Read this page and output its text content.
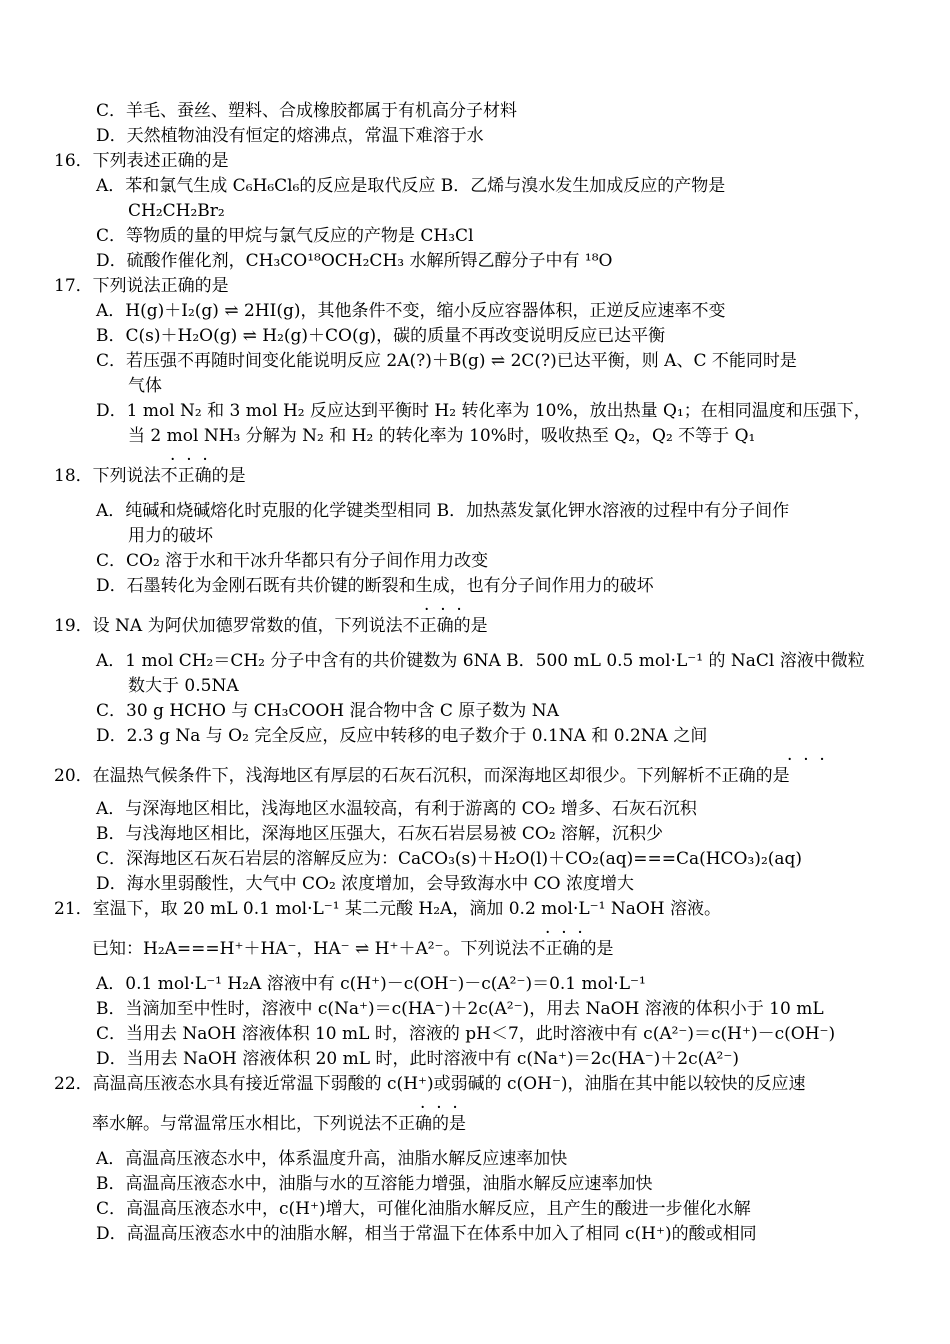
C．羊毛、蚕丝、塑料、合成橡胶都属于有机高分子材料
D．天然植物油没有恒定的熔沸点，常温下难溶于水
16．下列表述正确的是
A．苯和氯气生成 C₆H₆Cl₆的反应是取代反应 B．乙烯与溴水发生加成反应的产物是
CH₂CH₂Br₂
C．等物质的量的甲烷与氯气反应的产物是 CH₃Cl
D．硫酸作催化剂，CH₃CO¹⁸OCH₂CH₃ 水解所锝乙醇分子中有 ¹⁸O
17．下列说法正确的是
A．H(g)＋I₂(g) ⇌ 2HI(g)，其他条件不变，缩小反应容器体积，正逆反应速率不变
B．C(s)＋H₂O(g) ⇌ H₂(g)＋CO(g)，碳的质量不再改变说明反应已达平衡
C．若压强不再随时间变化能说明反应 2A(?)＋B(g) ⇌ 2C(?)已达平衡，则 A、C 不能同时是
气体
D．1 mol N₂ 和 3 mol H₂ 反应达到平衡时 H₂ 转化率为 10%，放出热量 Q₁；在相同温度和压强下，
当 2 mol NH₃ 分解为 N₂ 和 H₂ 的转化率为 10%时，吸收热至 Q₂，Q₂ 不等于 Q₁
18．下列说法不正确的是
A．纯碱和烧碱熔化时克服的化学键类型相同 B．加热蒸发氯化钾水溶液的过程中有分子间作
用力的破坏
C．CO₂ 溶于水和干冰升华都只有分子间作用力改变
D．石墨转化为金刚石既有共价键的断裂和生成，也有分子间作用力的破坏
19．设 NA 为阿伏加德罗常数的值，下列说法不正确的是
A．1 mol CH₂＝CH₂ 分子中含有的共价键数为 6NA B．500 mL 0.5 mol·L⁻¹ 的 NaCl 溶液中微粒
数大于 0.5NA
C．30 g HCHO 与 CH₃COOH 混合物中含 C 原子数为 NA
D．2.3 g Na 与 O₂ 完全反应，反应中转移的电子数介于 0.1NA 和 0.2NA 之间
20．在温热气候条件下，浅海地区有厚层的石灰石沉积，而深海地区却很少。下列解析不正确的是
A．与深海地区相比，浅海地区水温较高，有利于游离的 CO₂ 增多、石灰石沉积
B．与浅海地区相比，深海地区压强大，石灰石岩层易被 CO₂ 溶解，沉积少
C．深海地区石灰石岩层的溶解反应为：CaCO₃(s)＋H₂O(l)＋CO₂(aq)===Ca(HCO₃)₂(aq)
D．海水里弱酸性，大气中 CO₂ 浓度增加，会导致海水中 CO 浓度增大
21．室温下，取 20 mL 0.1 mol·L⁻¹ 某二元酸 H₂A，滴加 0.2 mol·L⁻¹ NaOH 溶液。
已知：H₂A===H⁺＋HA⁻，HA⁻ ⇌ H⁺＋A²⁻。下列说法不正确的是
A．0.1 mol·L⁻¹ H₂A 溶液中有 c(H⁺)－c(OH⁻)－c(A²⁻)＝0.1 mol·L⁻¹
B．当滴加至中性时，溶液中 c(Na⁺)＝c(HA⁻)＋2c(A²⁻)，用去 NaOH 溶液的体积小于 10 mL
C．当用去 NaOH 溶液体积 10 mL 时，溶液的 pH＜7，此时溶液中有 c(A²⁻)＝c(H⁺)－c(OH⁻)
D．当用去 NaOH 溶液体积 20 mL 时，此时溶液中有 c(Na⁺)＝2c(HA⁻)＋2c(A²⁻)
22．高温高压液态水具有接近常温下弱酸的 c(H⁺)或弱碱的 c(OH⁻)，油脂在其中能以较快的反应速
率水解。与常温常压水相比，下列说法不正确的是
A．高温高压液态水中，体系温度升高，油脂水解反应速率加快
B．高温高压液态水中，油脂与水的互溶能力增强，油脂水解反应速率加快
C．高温高压液态水中，c(H⁺)增大，可催化油脂水解反应，且产生的酸进一步催化水解
D．高温高压液态水中的油脂水解，相当于常温下在体系中加入了相同 c(H⁺)的酸或相同
·  ·  ·
·  ·  ·
·  ·  ·
·  ·  ·
·  ·  ·
